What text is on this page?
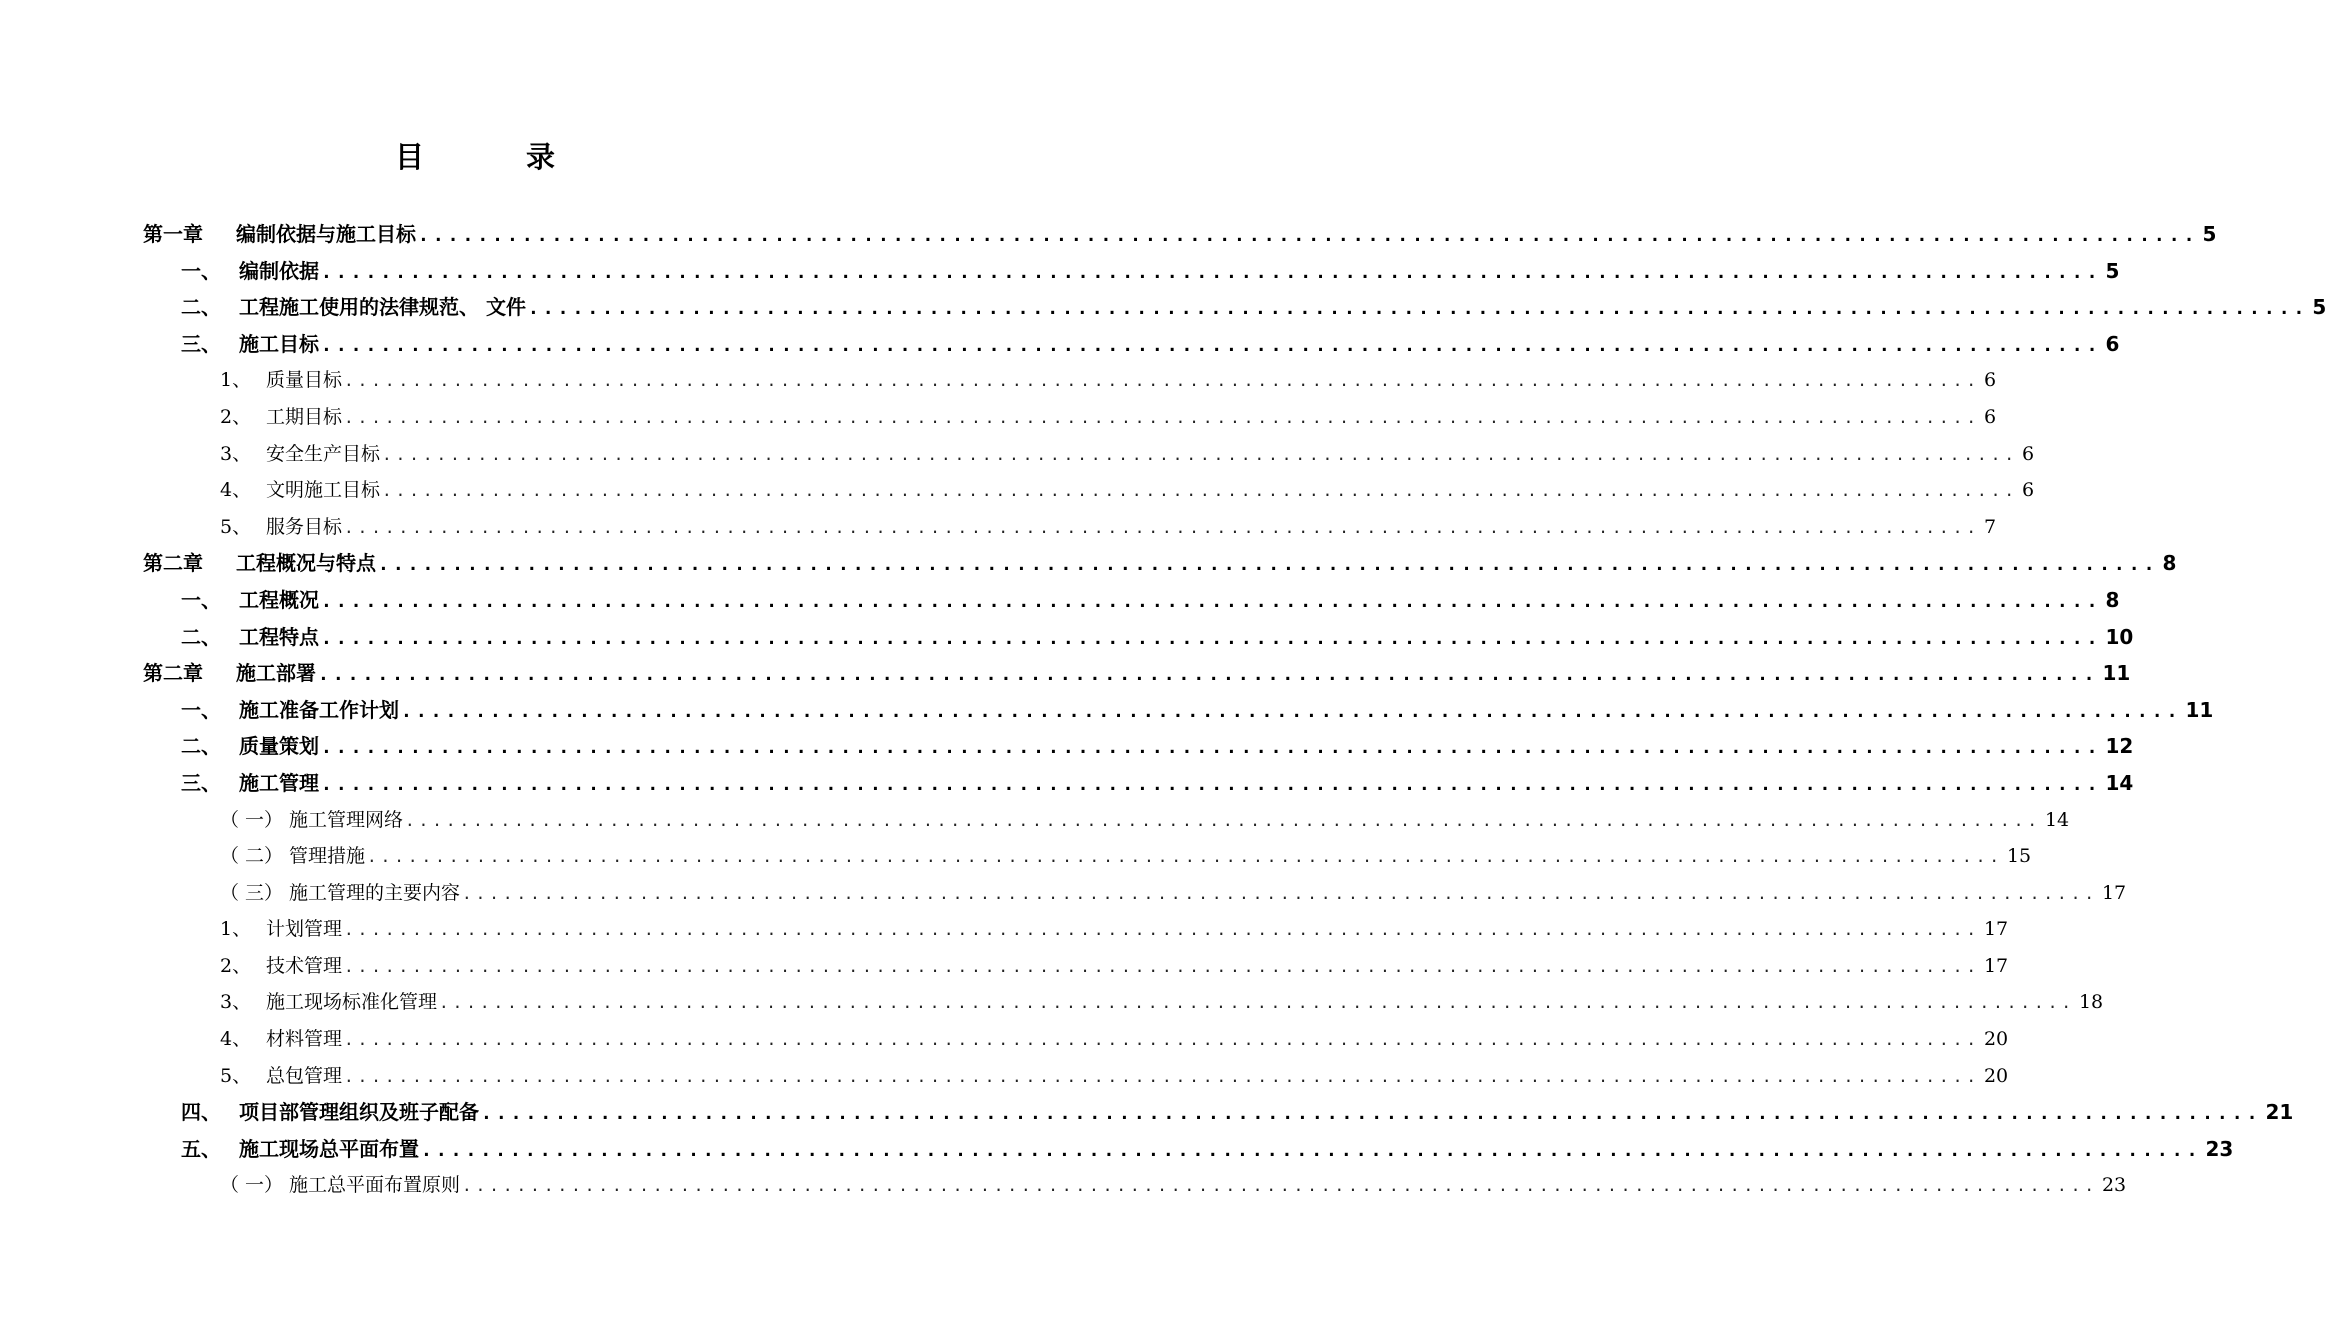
目 录
第一章	编制依据与施工目标 ........................................................................................................................ 5
一、 编制依据 ........................................................................................................................ 5
二、 工程施工使用的法律规范、 文件 ........................................................................................................................ 5
三、 施工目标 ........................................................................................................................ 6
1、 质量目标 ........................................................................................................................ 6
2、 工期目标 ........................................................................................................................ 6
3、 安全生产目标 ........................................................................................................................ 6
4、 文明施工目标 ........................................................................................................................ 6
5、 服务目标 ........................................................................................................................ 7
第二章	工程概况与特点 ........................................................................................................................ 8
一、 工程概况 ........................................................................................................................ 8
二、 工程特点 ........................................................................................................................ 10
第二章	施工部署 ........................................................................................................................ 11
一、 施工准备工作计划 ........................................................................................................................ 11
二、 质量策划 ........................................................................................................................ 12
三、 施工管理 ........................................................................................................................ 14
（ 一） 施工管理网络 ........................................................................................................................ 14
（ 二） 管理措施 ........................................................................................................................ 15
（ 三） 施工管理的主要内容 ........................................................................................................................ 17
1、 计划管理 ........................................................................................................................ 17
2、 技术管理 ........................................................................................................................ 17
3、 施工现场标准化管理 ........................................................................................................................ 18
4、 材料管理 ........................................................................................................................ 20
5、 总包管理 ........................................................................................................................ 20
四、 项目部管理组织及班子配备 ........................................................................................................................ 21
五、 施工现场总平面布置 ........................................................................................................................ 23
（ 一） 施工总平面布置原则 ........................................................................................................................ 23
